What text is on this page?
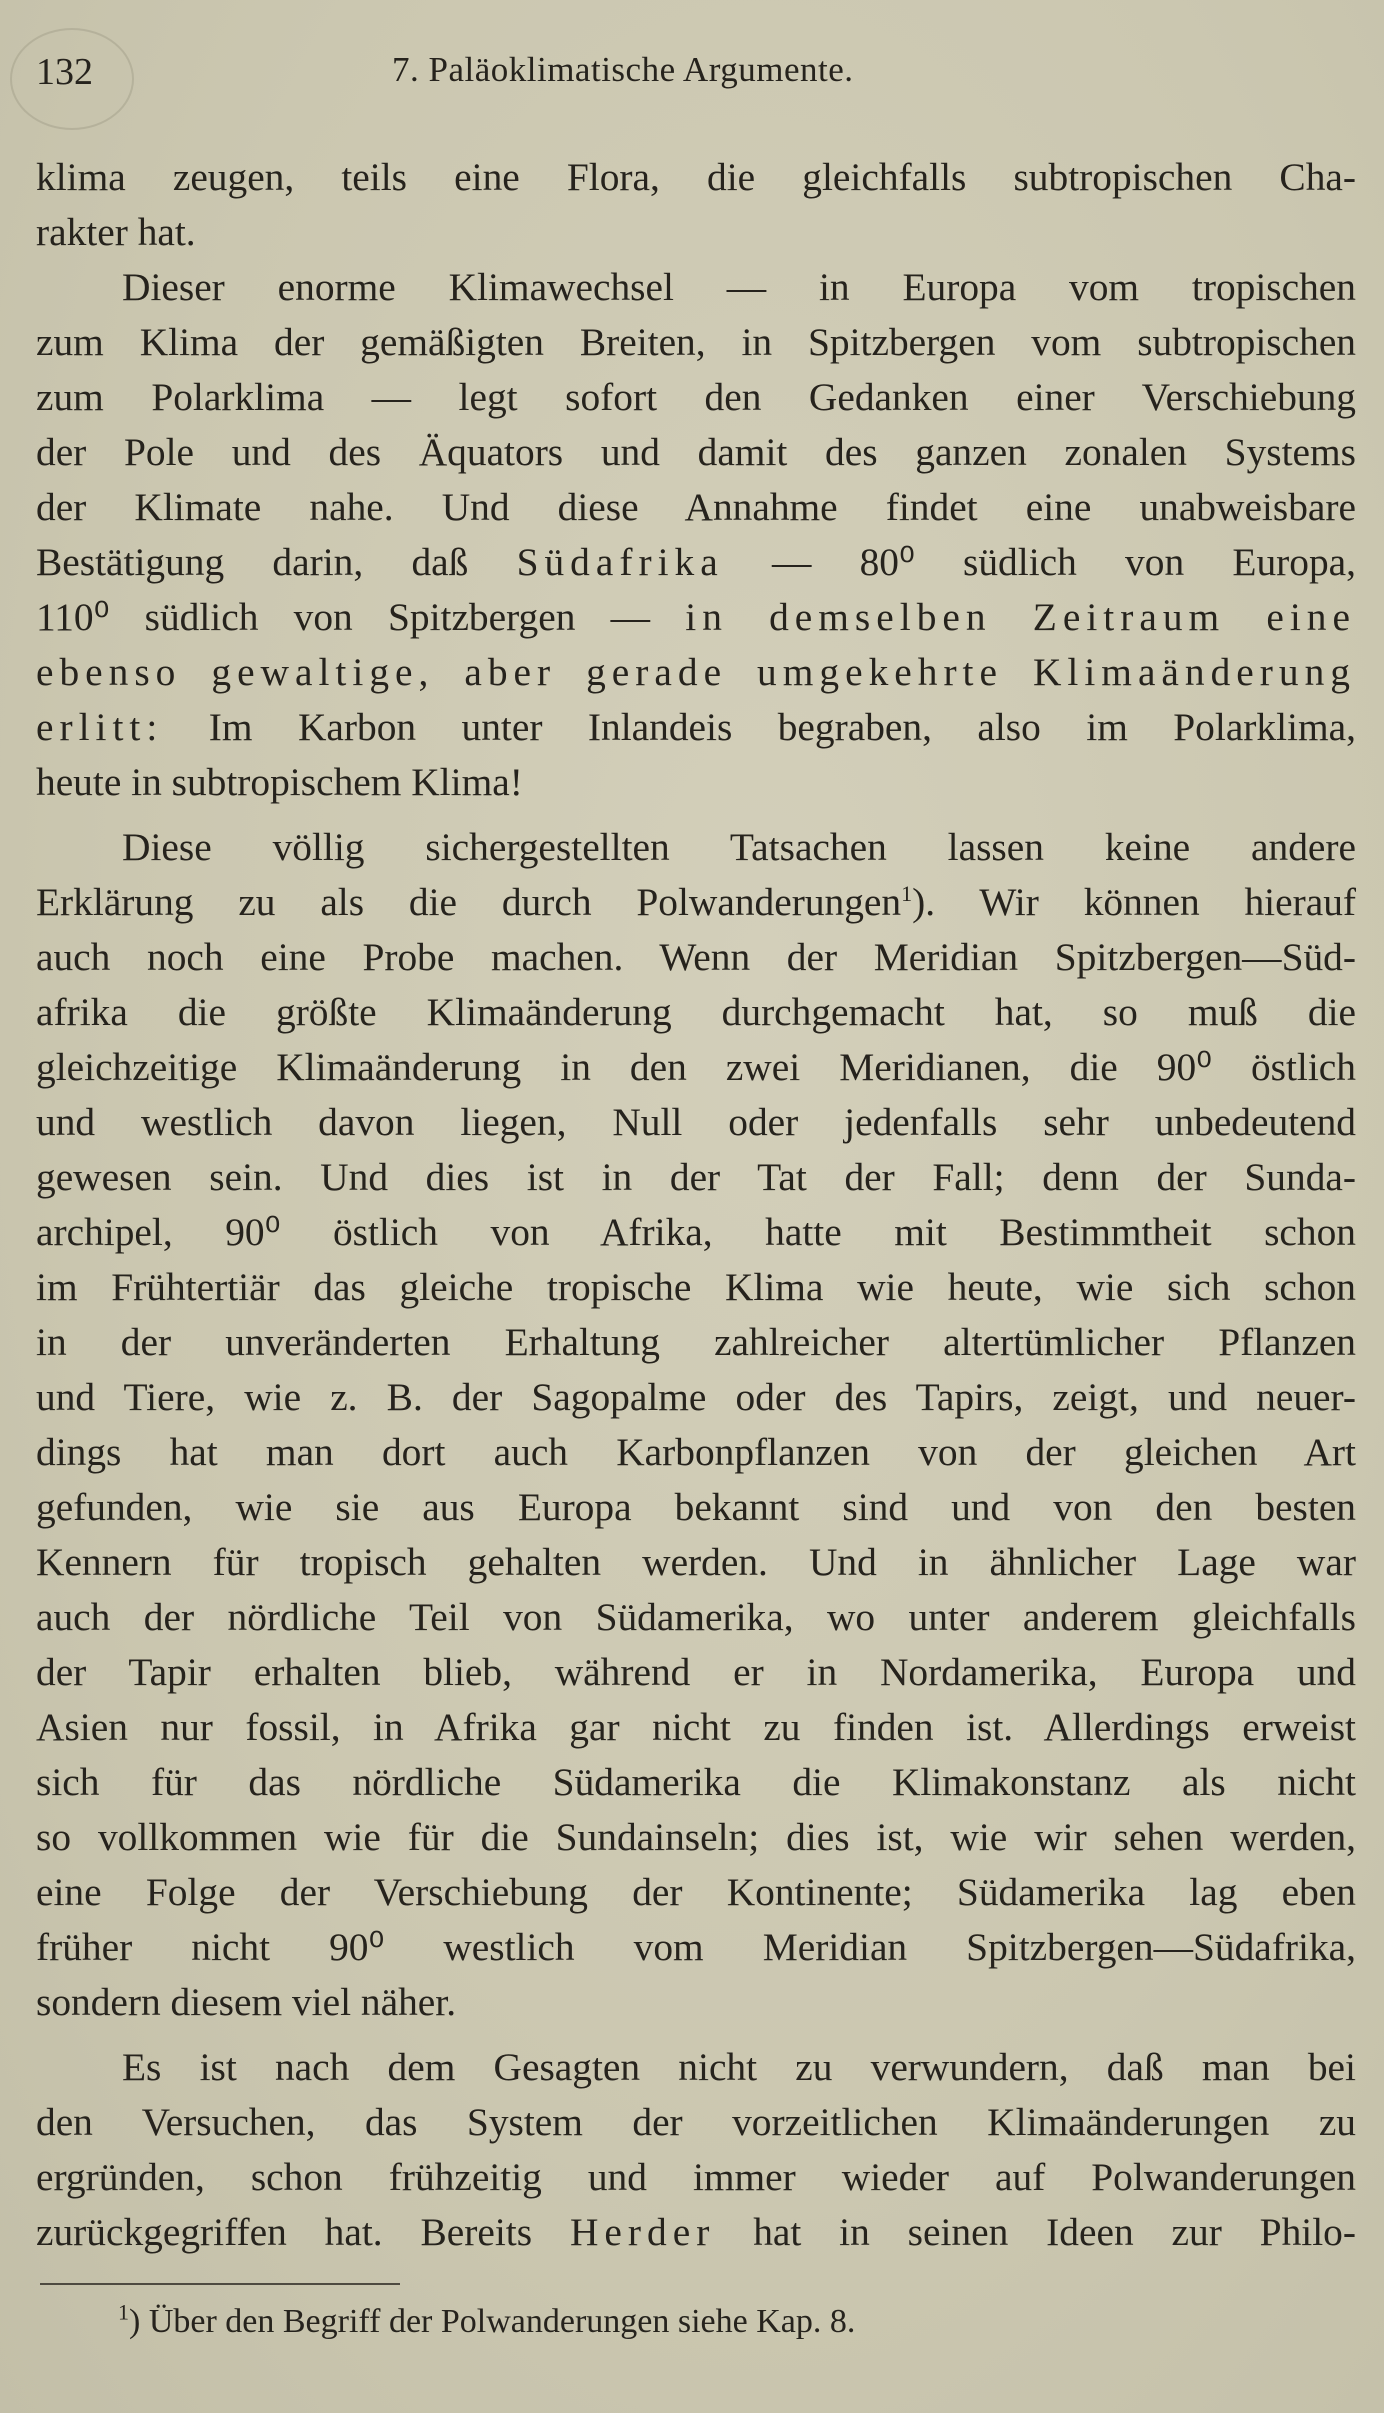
132	7. Paläoklimatische Argumente.
klima zeugen, teils eine Flora, die gleichfalls subtropischen Cha-
rakter hat.
Dieser enorme Klimawechsel — in Europa vom tropischen
zum Klima der gemäßigten Breiten, in Spitzbergen vom subtropischen
zum Polarklima — legt sofort den Gedanken einer Verschiebung
der Pole und des Äquators und damit des ganzen zonalen Systems
der Klimate nahe. Und diese Annahme findet eine unabweisbare
Bestätigung darin, daß Südafrika — 80⁰ südlich von Europa,
110⁰ südlich von Spitzbergen — in demselben Zeitraum eine
ebenso gewaltige, aber gerade umgekehrte Klimaänderung
erlitt: Im Karbon unter Inlandeis begraben, also im Polarklima,
heute in subtropischem Klima!
Diese völlig sichergestellten Tatsachen lassen keine andere
Erklärung zu als die durch Polwanderungen$^1$). Wir können hierauf
auch noch eine Probe machen. Wenn der Meridian Spitzbergen—Süd-
afrika die größte Klimaänderung durchgemacht hat, so muß die
gleichzeitige Klimaänderung in den zwei Meridianen, die 90⁰ östlich
und westlich davon liegen, Null oder jedenfalls sehr unbedeutend
gewesen sein. Und dies ist in der Tat der Fall; denn der Sunda-
archipel, 90⁰ östlich von Afrika, hatte mit Bestimmtheit schon
im Frühtertiär das gleiche tropische Klima wie heute, wie sich schon
in der unveränderten Erhaltung zahlreicher altertümlicher Pflanzen
und Tiere, wie z. B. der Sagopalme oder des Tapirs, zeigt, und neuer-
dings hat man dort auch Karbonpflanzen von der gleichen Art
gefunden, wie sie aus Europa bekannt sind und von den besten
Kennern für tropisch gehalten werden. Und in ähnlicher Lage war
auch der nördliche Teil von Südamerika, wo unter anderem gleichfalls
der Tapir erhalten blieb, während er in Nordamerika, Europa und
Asien nur fossil, in Afrika gar nicht zu finden ist. Allerdings erweist
sich für das nördliche Südamerika die Klimakonstanz als nicht
so vollkommen wie für die Sundainseln; dies ist, wie wir sehen werden,
eine Folge der Verschiebung der Kontinente; Südamerika lag eben
früher nicht 90⁰ westlich vom Meridian Spitzbergen—Südafrika,
sondern diesem viel näher.
Es ist nach dem Gesagten nicht zu verwundern, daß man bei
den Versuchen, das System der vorzeitlichen Klimaänderungen zu
ergründen, schon frühzeitig und immer wieder auf Polwanderungen
zurückgegriffen hat. Bereits Herder hat in seinen Ideen zur Philo-
$^1$) Über den Begriff der Polwanderungen siehe Kap. 8.
